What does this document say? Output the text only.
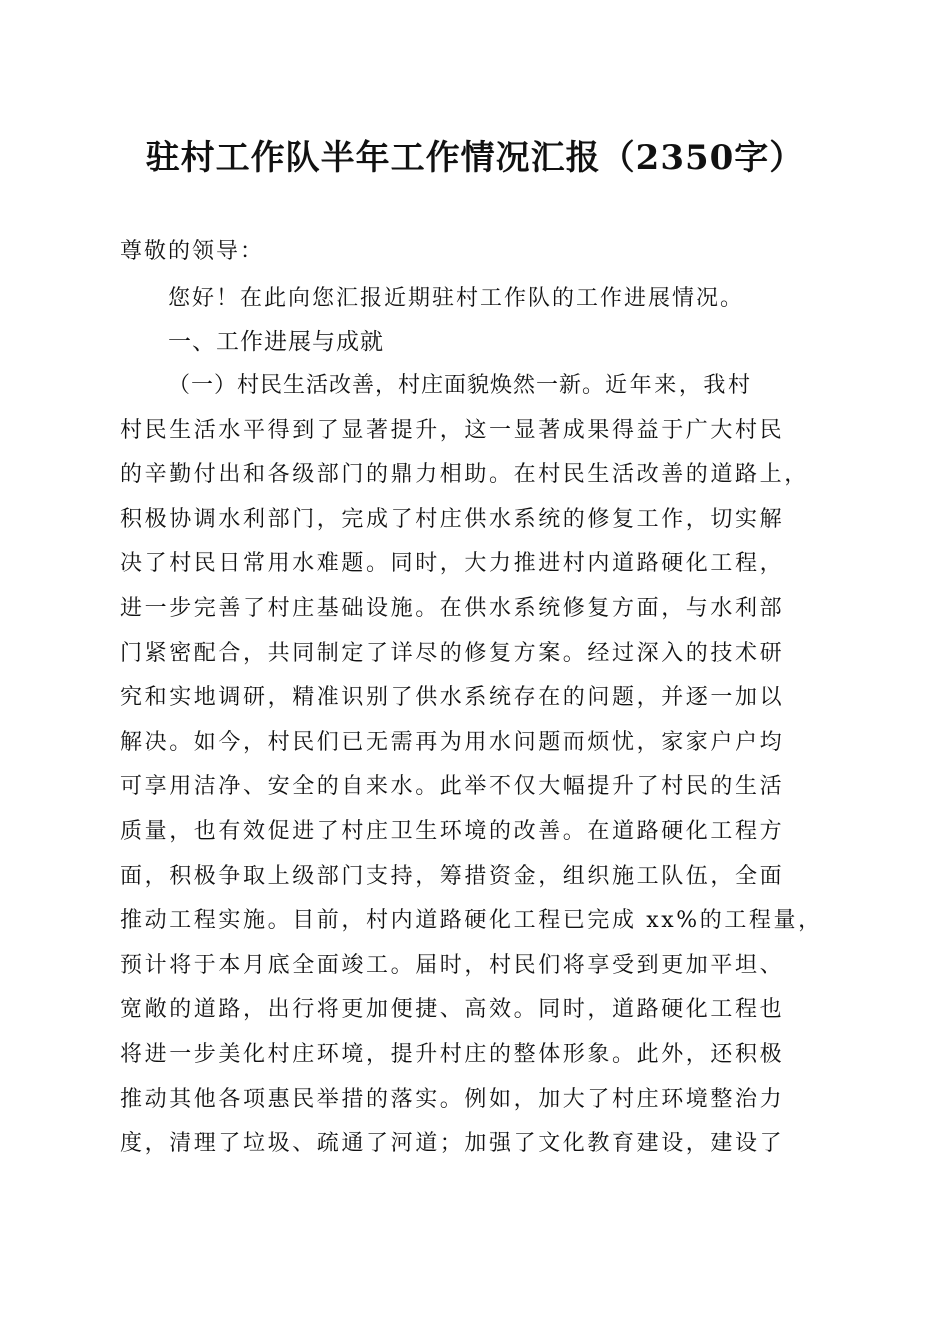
驻村工作队半年工作情况汇报（2350字）
尊敬的领导：
您好！在此向您汇报近期驻村工作队的工作进展情况。
一、工作进展与成就
（一）村民生活改善，村庄面貌焕然一新。近年来，我村
村民生活水平得到了显著提升，这一显著成果得益于广大村民
的辛勤付出和各级部门的鼎力相助。在村民生活改善的道路上，
积极协调水利部门，完成了村庄供水系统的修复工作，切实解
决了村民日常用水难题。同时，大力推进村内道路硬化工程，
进一步完善了村庄基础设施。在供水系统修复方面，与水利部
门紧密配合，共同制定了详尽的修复方案。经过深入的技术研
究和实地调研，精准识别了供水系统存在的问题，并逐一加以
解决。如今，村民们已无需再为用水问题而烦忧，家家户户均
可享用洁净、安全的自来水。此举不仅大幅提升了村民的生活
质量，也有效促进了村庄卫生环境的改善。在道路硬化工程方
面，积极争取上级部门支持，筹措资金，组织施工队伍，全面
推动工程实施。目前，村内道路硬化工程已完成 xx%的工程量，
预计将于本月底全面竣工。届时，村民们将享受到更加平坦、
宽敞的道路，出行将更加便捷、高效。同时，道路硬化工程也
将进一步美化村庄环境，提升村庄的整体形象。此外，还积极
推动其他各项惠民举措的落实。例如，加大了村庄环境整治力
度，清理了垃圾、疏通了河道；加强了文化教育建设，建设了
